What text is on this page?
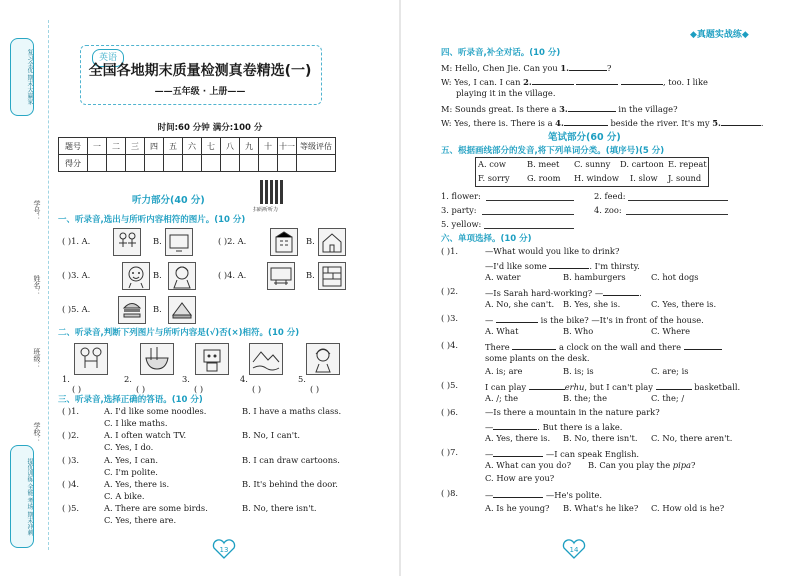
复习全优 期末大赢家
学号：
姓名：
班级：
学校：
提优训练 全能 考场 期末冲刺
英语
全国各地期末质量检测真卷精选(一)
——五年级 · 上册——
时间:60 分钟 满分:100 分
题号	一	二	三	四	五	六	七	八	九	十	十一	等级评估
得分												
扫码听听力
听力部分(40 分)
一、听录音,选出与所听内容相符的图片。(10 分)
( )1. A.	B.	( )2. A.	B.
( )3. A.	B.	( )4. A.	B.
( )5. A.	B.
二、听录音,判断下列图片与所听内容是(√)否(×)相符。(10 分)
1.	2.	3.	4.	5.
( )	( )	( )	( )	( )
三、听录音,选择正确的答语。(10 分)
( )1.	A. I'd like some noodles.	B. I have a maths class.
C. I like maths.
( )2.	A. I often watch TV.	B. No, I can't.
C. Yes, I do.
( )3.	A. Yes, I can.	B. I can draw cartoons.
C. I'm polite.
( )4.	A. Yes, there is.	B. It's behind the door.
C. A bike.
( )5.	A. There are some birds.	B. No, there isn't.
C. Yes, there are.
13
◆真题实战练◆
四、听录音,补全对话。(10 分)
M: Hello, Chen Jie. Can you 1.	?
W: Yes, I can. I can 2.	, too. I like
playing it in the village.
M: Sounds great. Is there a 3.	in the village?
W: Yes, there is. There is a 4.	beside the river. It's my 5.	.
笔试部分(60 分)
五、根据画线部分的发音,将下列单词分类。(填序号)(5 分)
A. cow	B. meet C. sunny D. cartoon E. repeat
F. sorry G. room H. window I. slow J. sound
1. flower:	2. feed:
3. party:	4. zoo:
5. yellow:
六、单项选择。(10 分)
( )1.	—What would you like to drink?
—I'd like some	. I'm thirsty.
A. water	B. hamburgers	C. hot dogs
( )2.	—Is Sarah hard-working? —	.
A. No, she can't. B. Yes, she is.	C. Yes, there is.
( )3.	—	is the bike? —It's in front of the house.
A. What	B. Who	C. Where
( )4.	There	a clock on the wall and there
some plants on the desk.
A. is; are	B. is; is	C. are; is
( )5.	I can play	erhu, but I can't play	basketball.
A. /; the	B. the; the	C. the; /
( )6.	—Is there a mountain in the nature park?
—	. But there is a lake.
A. Yes, there is. B. No, there isn't. C. No, there aren't.
( )7.	—	—I can speak English.
A. What can you do? B. Can you play the pipa?
C. How are you?
( )8.	—	—He's polite.
A. Is he young? B. What's he like? C. How old is he?
14
